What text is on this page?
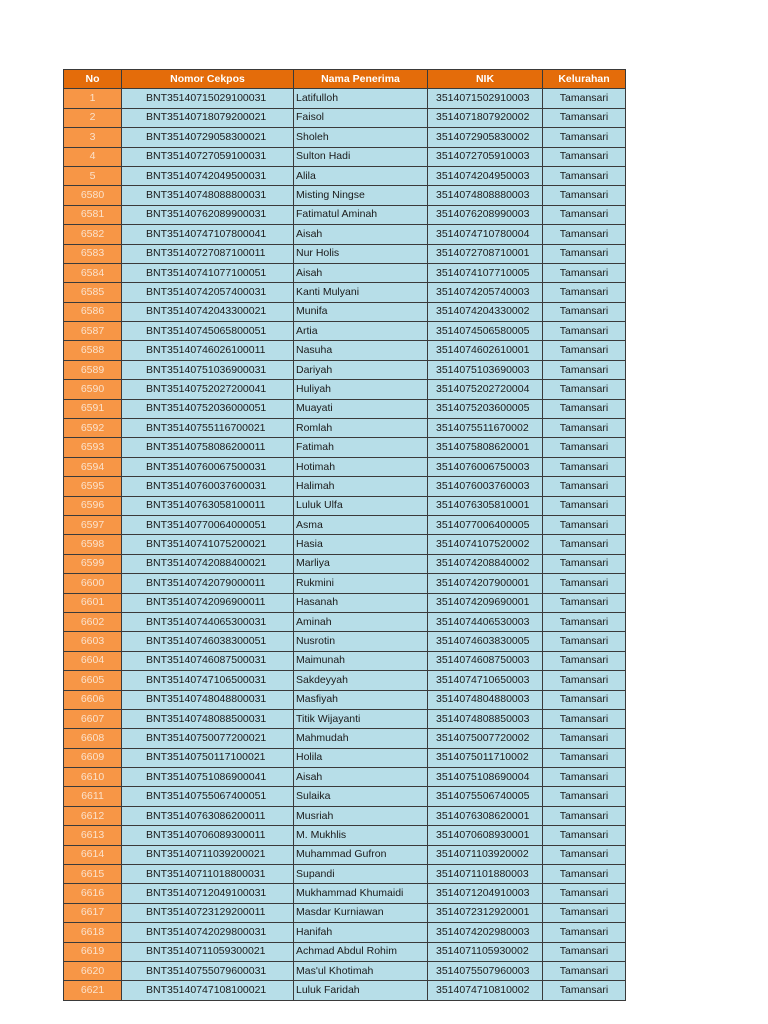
No	Nomor Cekpos	Nama Penerima	NIK	Kelurahan
1	BNT35140715029100031	Latifulloh	3514071502910003	Tamansari
2	BNT35140718079200021	Faisol	3514071807920002	Tamansari
3	BNT35140729058300021	Sholeh	3514072905830002	Tamansari
4	BNT35140727059100031	Sulton Hadi	3514072705910003	Tamansari
5	BNT35140742049500031	Alila	3514074204950003	Tamansari
6580	BNT35140748088800031	Misting Ningse	3514074808880003	Tamansari
6581	BNT35140762089900031	Fatimatul Aminah	3514076208990003	Tamansari
6582	BNT35140747107800041	Aisah	3514074710780004	Tamansari
6583	BNT35140727087100011	Nur Holis	3514072708710001	Tamansari
6584	BNT35140741077100051	Aisah	3514074107710005	Tamansari
6585	BNT35140742057400031	Kanti Mulyani	3514074205740003	Tamansari
6586	BNT35140742043300021	Munifa	3514074204330002	Tamansari
6587	BNT35140745065800051	Artia	3514074506580005	Tamansari
6588	BNT35140746026100011	Nasuha	3514074602610001	Tamansari
6589	BNT35140751036900031	Dariyah	3514075103690003	Tamansari
6590	BNT35140752027200041	Huliyah	3514075202720004	Tamansari
6591	BNT35140752036000051	Muayati	3514075203600005	Tamansari
6592	BNT35140755116700021	Romlah	3514075511670002	Tamansari
6593	BNT35140758086200011	Fatimah	3514075808620001	Tamansari
6594	BNT35140760067500031	Hotimah	3514076006750003	Tamansari
6595	BNT35140760037600031	Halimah	3514076003760003	Tamansari
6596	BNT35140763058100011	Luluk Ulfa	3514076305810001	Tamansari
6597	BNT35140770064000051	Asma	3514077006400005	Tamansari
6598	BNT35140741075200021	Hasia	3514074107520002	Tamansari
6599	BNT35140742088400021	Marliya	3514074208840002	Tamansari
6600	BNT35140742079000011	Rukmini	3514074207900001	Tamansari
6601	BNT35140742096900011	Hasanah	3514074209690001	Tamansari
6602	BNT35140744065300031	Aminah	3514074406530003	Tamansari
6603	BNT35140746038300051	Nusrotin	3514074603830005	Tamansari
6604	BNT35140746087500031	Maimunah	3514074608750003	Tamansari
6605	BNT35140747106500031	Sakdeyyah	3514074710650003	Tamansari
6606	BNT35140748048800031	Masfiyah	3514074804880003	Tamansari
6607	BNT35140748088500031	Titik Wijayanti	3514074808850003	Tamansari
6608	BNT35140750077200021	Mahmudah	3514075007720002	Tamansari
6609	BNT35140750117100021	Holila	3514075011710002	Tamansari
6610	BNT35140751086900041	Aisah	3514075108690004	Tamansari
6611	BNT35140755067400051	Sulaika	3514075506740005	Tamansari
6612	BNT35140763086200011	Musriah	3514076308620001	Tamansari
6613	BNT35140706089300011	M. Mukhlis	3514070608930001	Tamansari
6614	BNT35140711039200021	Muhammad Gufron	3514071103920002	Tamansari
6615	BNT35140711018800031	Supandi	3514071101880003	Tamansari
6616	BNT35140712049100031	Mukhammad Khumaidi	3514071204910003	Tamansari
6617	BNT35140723129200011	Masdar Kurniawan	3514072312920001	Tamansari
6618	BNT35140742029800031	Hanifah	3514074202980003	Tamansari
6619	BNT35140711059300021	Achmad Abdul Rohim	3514071105930002	Tamansari
6620	BNT35140755079600031	Mas'ul Khotimah	3514075507960003	Tamansari
6621	BNT35140747108100021	Luluk Faridah	3514074710810002	Tamansari
